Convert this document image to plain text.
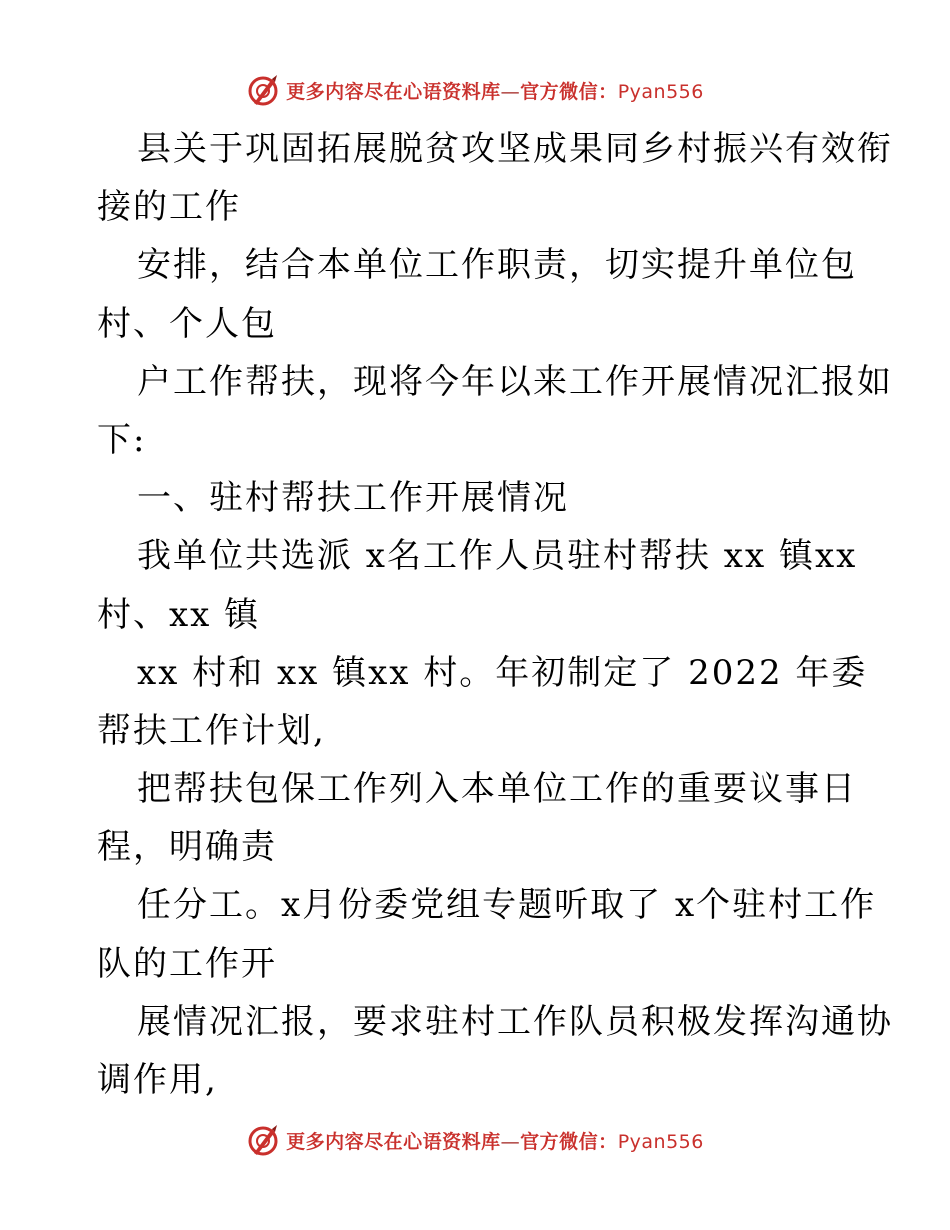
更多内容尽在心语资料库—官方微信：Pyan556
县关于巩固拓展脱贫攻坚成果同乡村振兴有效衔
接的工作
安排，结合本单位工作职责，切实提升单位包
村、个人包
户工作帮扶，现将今年以来工作开展情况汇报如
下:
一、驻村帮扶工作开展情况
我单位共选派 x名工作人员驻村帮扶 xx 镇xx
村、xx 镇
xx 村和 xx 镇xx 村。年初制定了 2022 年委
帮扶工作计划,
把帮扶包保工作列入本单位工作的重要议事日
程，明确责
任分工。x月份委党组专题听取了 x个驻村工作
队的工作开
展情况汇报，要求驻村工作队员积极发挥沟通协
调作用,
更多内容尽在心语资料库—官方微信：Pyan556
